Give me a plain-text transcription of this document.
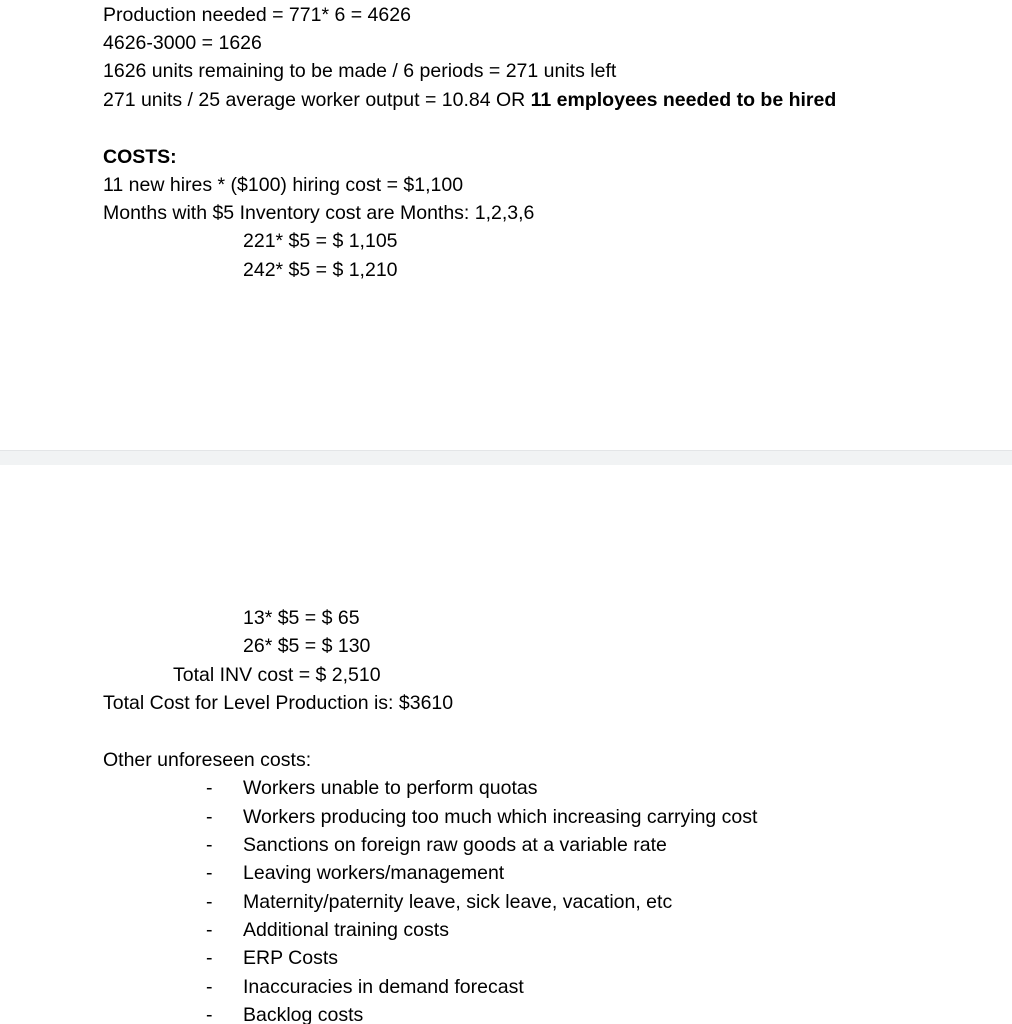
Production needed = 771* 6 = 4626
4626-3000 = 1626
1626 units remaining to be made / 6 periods = 271 units left
271 units / 25 average worker output = 10.84 OR 11 employees needed to be hired
COSTS:
11 new hires * ($100) hiring cost = $1,100
Months with $5 Inventory cost are Months: 1,2,3,6
221* $5 = $ 1,105
242* $5 = $ 1,210
13* $5 = $ 65
26* $5 = $ 130
Total INV cost = $ 2,510
Total Cost for Level Production is: $3610
Other unforeseen costs:
- Workers unable to perform quotas
- Workers producing too much which increasing carrying cost
- Sanctions on foreign raw goods at a variable rate
- Leaving workers/management
- Maternity/paternity leave, sick leave, vacation, etc
- Additional training costs
- ERP Costs
- Inaccuracies in demand forecast
- Backlog costs
